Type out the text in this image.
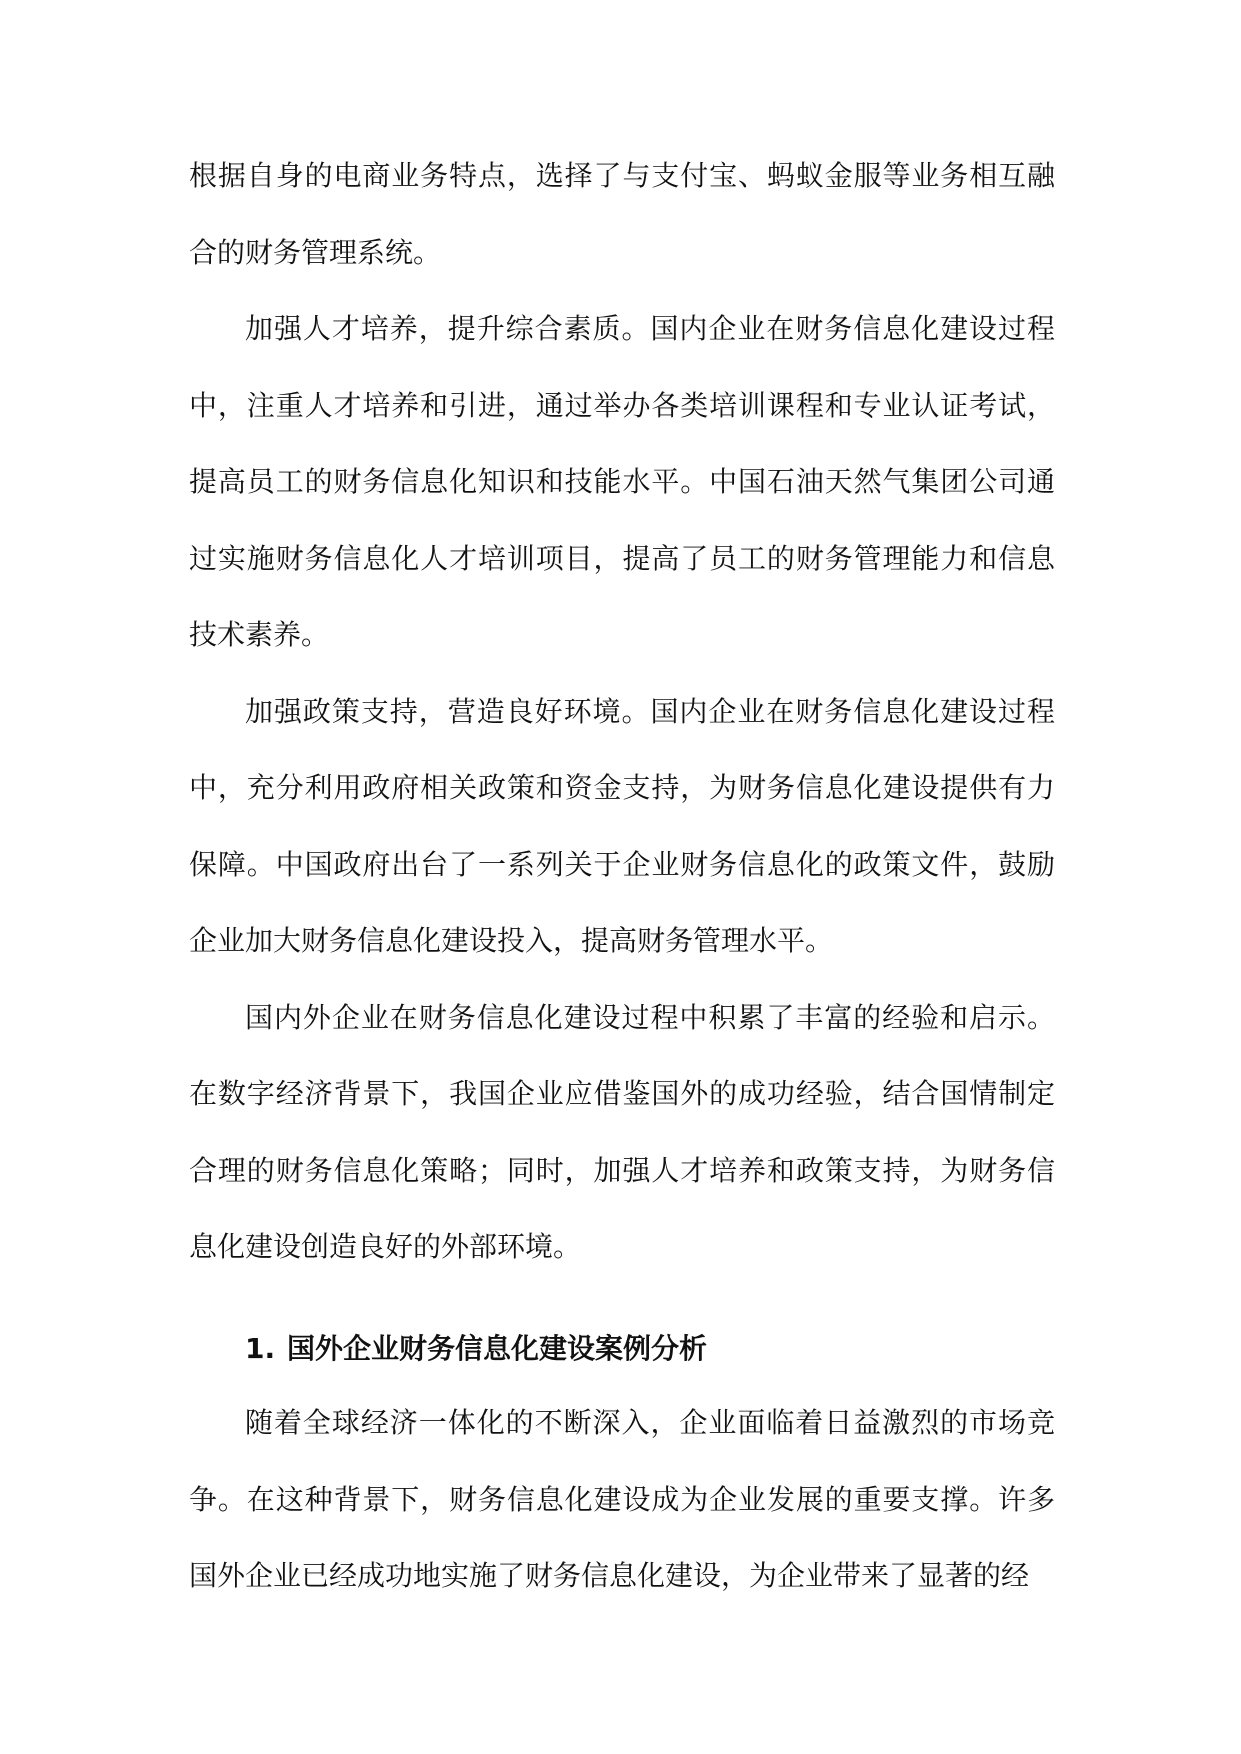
根据自身的电商业务特点，选择了与支付宝、蚂蚁金服等业务相互融合的财务管理系统。

加强人才培养，提升综合素质。国内企业在财务信息化建设过程中，注重人才培养和引进，通过举办各类培训课程和专业认证考试，提高员工的财务信息化知识和技能水平。中国石油天然气集团公司通过实施财务信息化人才培训项目，提高了员工的财务管理能力和信息技术素养。

加强政策支持，营造良好环境。国内企业在财务信息化建设过程中，充分利用政府相关政策和资金支持，为财务信息化建设提供有力保障。中国政府出台了一系列关于企业财务信息化的政策文件，鼓励企业加大财务信息化建设投入，提高财务管理水平。

国内外企业在财务信息化建设过程中积累了丰富的经验和启示。在数字经济背景下，我国企业应借鉴国外的成功经验，结合国情制定合理的财务信息化策略；同时，加强人才培养和政策支持，为财务信息化建设创造良好的外部环境。

1. 国外企业财务信息化建设案例分析

随着全球经济一体化的不断深入，企业面临着日益激烈的市场竞争。在这种背景下，财务信息化建设成为企业发展的重要支撑。许多国外企业已经成功地实施了财务信息化建设，为企业带来了显著的经
